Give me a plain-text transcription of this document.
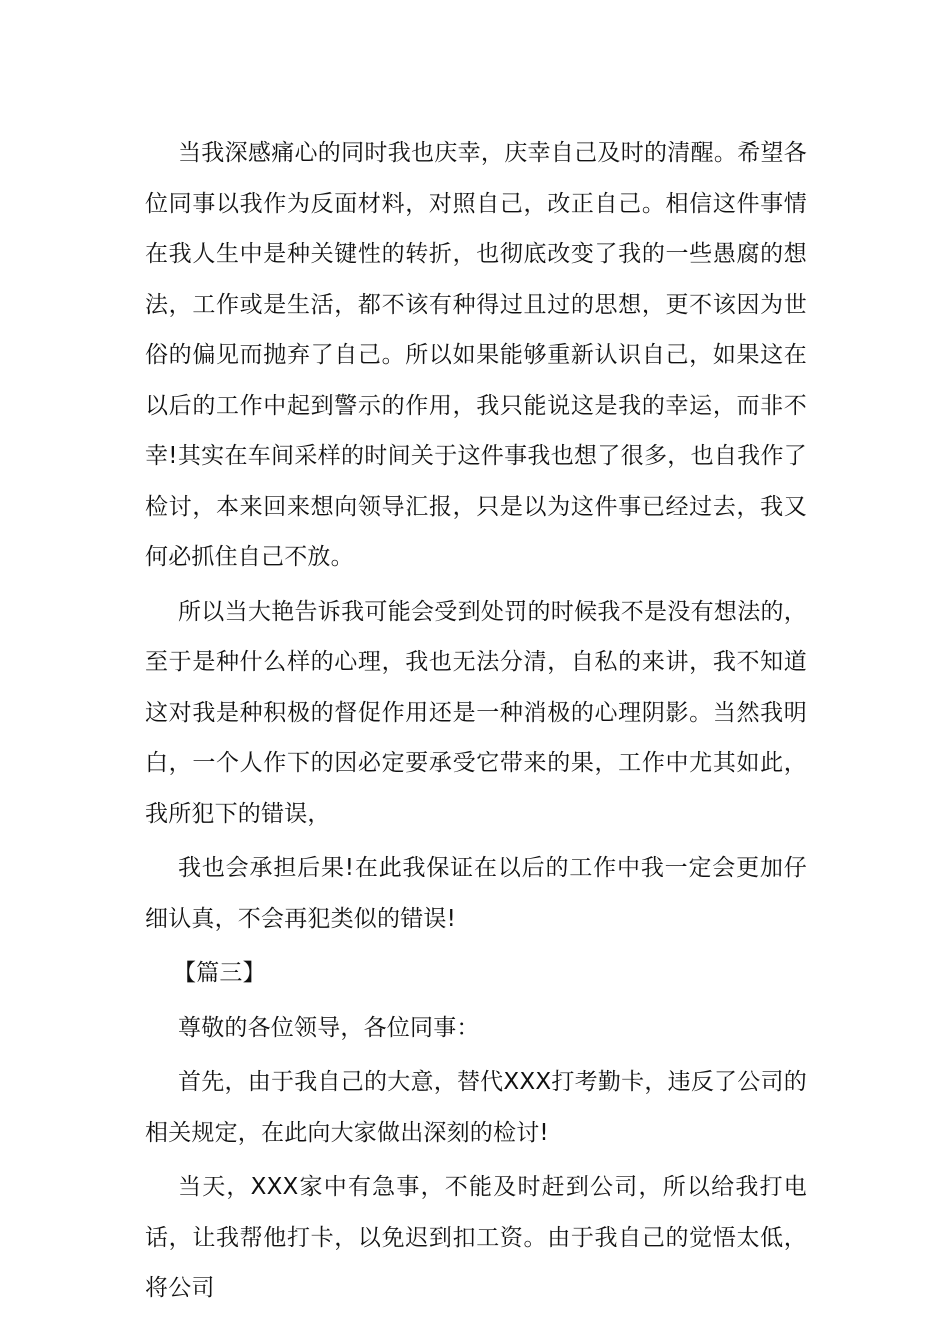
当我深感痛心的同时我也庆幸，庆幸自己及时的清醒。希望各位同事以我作为反面材料，对照自己，改正自己。相信这件事情在我人生中是种关键性的转折，也彻底改变了我的一些愚腐的想法，工作或是生活，都不该有种得过且过的思想，更不该因为世俗的偏见而抛弃了自己。所以如果能够重新认识自己，如果这在以后的工作中起到警示的作用，我只能说这是我的幸运，而非不幸!其实在车间采样的时间关于这件事我也想了很多，也自我作了检讨，本来回来想向领导汇报，只是以为这件事已经过去，我又何必抓住自己不放。

所以当大艳告诉我可能会受到处罚的时候我不是没有想法的，至于是种什么样的心理，我也无法分清，自私的来讲，我不知道这对我是种积极的督促作用还是一种消极的心理阴影。当然我明白，一个人作下的因必定要承受它带来的果，工作中尤其如此，我所犯下的错误，

我也会承担后果!在此我保证在以后的工作中我一定会更加仔细认真，不会再犯类似的错误!

【篇三】

尊敬的各位领导，各位同事：

首先，由于我自己的大意，替代XXX打考勤卡，违反了公司的相关规定，在此向大家做出深刻的检讨!

当天，XXX家中有急事，不能及时赶到公司，所以给我打电话，让我帮他打卡，以免迟到扣工资。由于我自己的觉悟太低，将公司
